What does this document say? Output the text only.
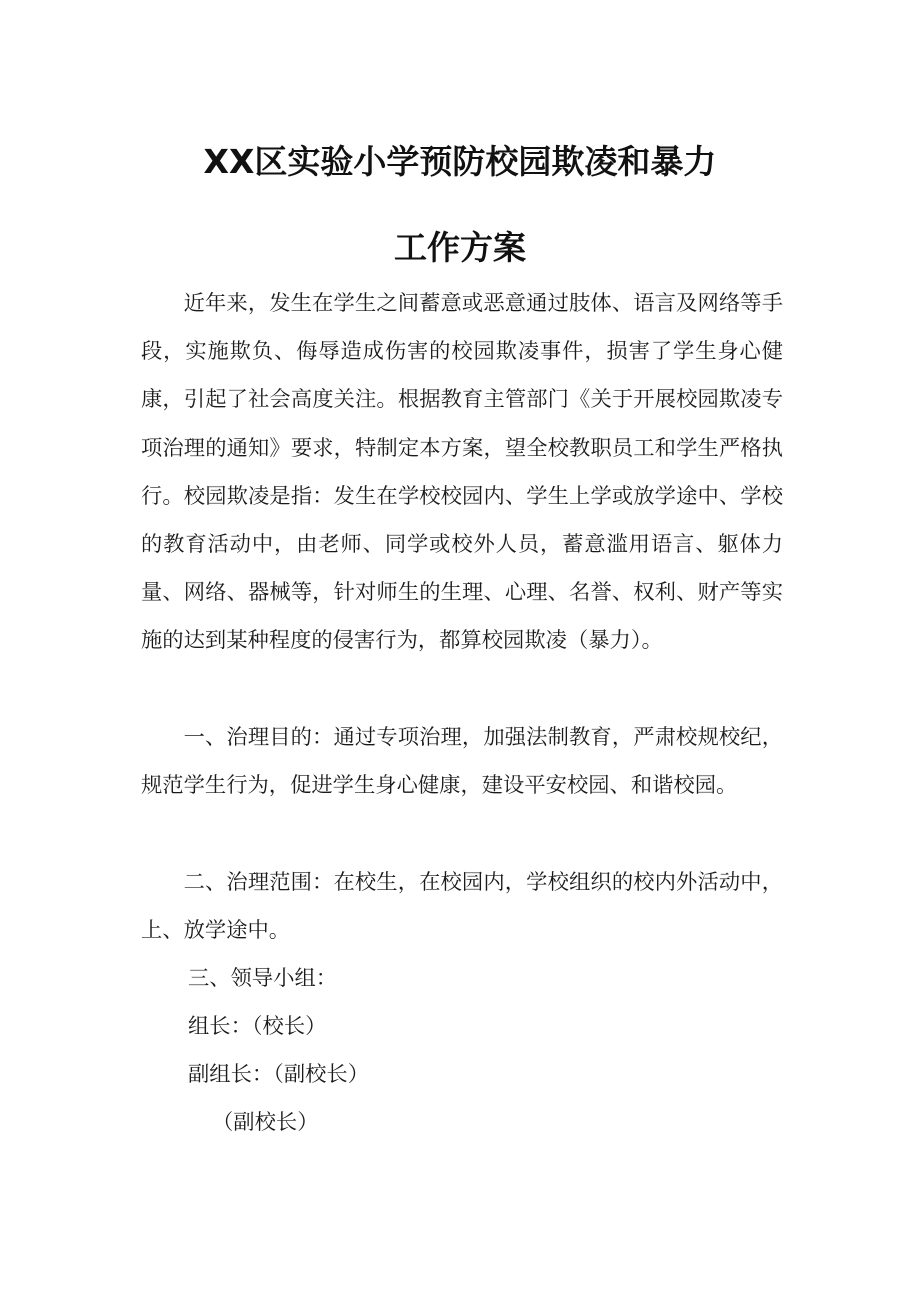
XX区实验小学预防校园欺凌和暴力
工作方案

近年来，发生在学生之间蓄意或恶意通过肢体、语言及网络等手段，实施欺负、侮辱造成伤害的校园欺凌事件，损害了学生身心健康，引起了社会高度关注。根据教育主管部门《关于开展校园欺凌专项治理的通知》要求，特制定本方案，望全校教职员工和学生严格执行。校园欺凌是指：发生在学校校园内、学生上学或放学途中、学校的教育活动中，由老师、同学或校外人员，蓄意滥用语言、躯体力量、网络、器械等，针对师生的生理、心理、名誉、权利、财产等实施的达到某种程度的侵害行为，都算校园欺凌（暴力）。

一、治理目的：通过专项治理，加强法制教育，严肃校规校纪，规范学生行为，促进学生身心健康，建设平安校园、和谐校园。

二、治理范围：在校生，在校园内，学校组织的校内外活动中，上、放学途中。

三、领导小组：
组长：（校长）
副组长：（副校长）
（副校长）
